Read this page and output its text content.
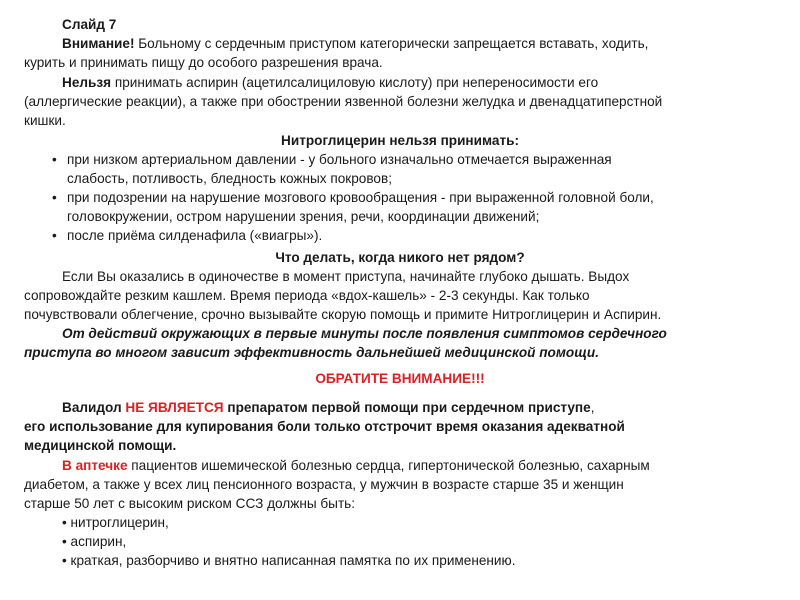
Слайд 7

Внимание! Больному с сердечным приступом категорически запрещается вставать, ходить,

курить и принимать пищу до особого разрешения врача.

Нельзя принимать аспирин (ацетилсалициловую кислоту) при непереносимости его

(аллергические реакции), а также при обострении язвенной болезни желудка и двенадцатиперстной

кишки.

Нитроглицерин нельзя принимать:

• при низком артериальном давлении - у больного изначально отмечается выраженная

слабость, потливость, бледность кожных покровов;

• при подозрении на нарушение мозгового кровообращения - при выраженной головной боли,

головокружении, остром нарушении зрения, речи, координации движений;

• после приёма силденафила («виагры»).

Что делать, когда никого нет рядом?

Если Вы оказались в одиночестве в момент приступа, начинайте глубоко дышать. Выдох

сопровождайте резким кашлем. Время периода «вдох-кашель» - 2-3 секунды. Как только

почувствовали облегчение, срочно вызывайте скорую помощь и примите Нитроглицерин и Аспирин.

От действий окружающих в первые минуты после появления симптомов сердечного

приступа во многом зависит эффективность дальнейшей медицинской помощи.

ОБРАТИТЕ ВНИМАНИЕ!!!

Валидол НЕ ЯВЛЯЕТСЯ препаратом первой помощи при сердечном приступе,

его использование для купирования боли только отстрочит время оказания адекватной

медицинской помощи.

В аптечке пациентов ишемической болезнью сердца, гипертонической болезнью, сахарным

диабетом, а также у всех лиц пенсионного возраста, у мужчин в возрасте старше 35 и женщин

старше 50 лет с высоким риском ССЗ должны быть:

• нитроглицерин,

• аспирин,

• краткая, разборчиво и внятно написанная памятка по их применению.
